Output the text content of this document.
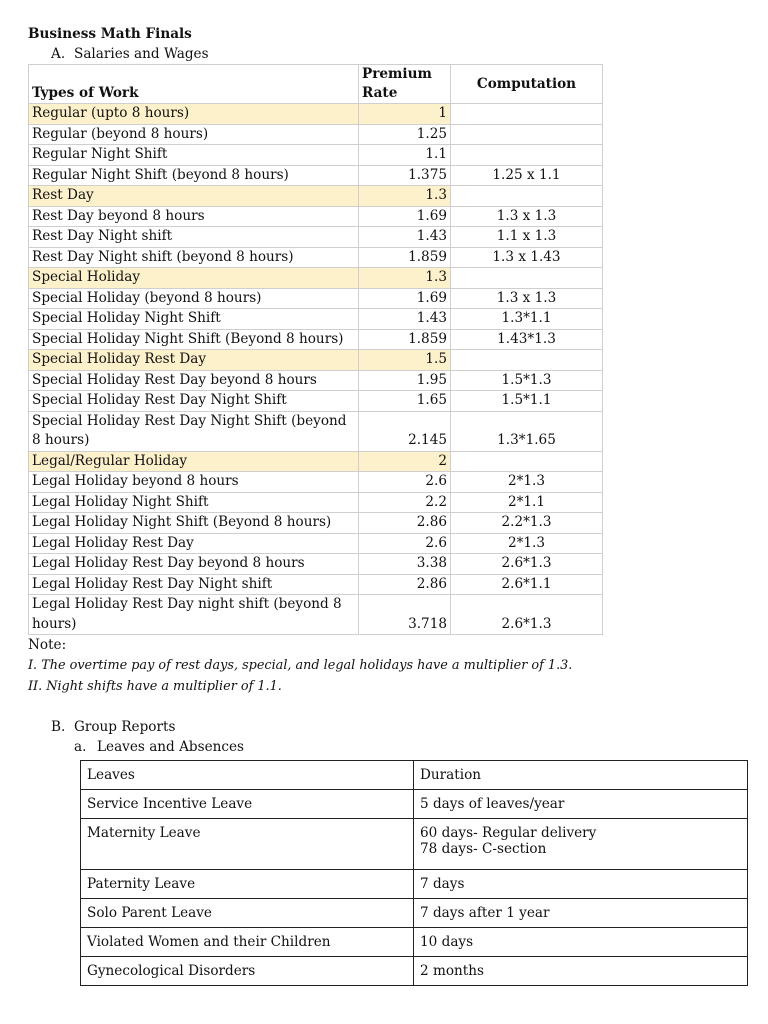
Business Math Finals
A. Salaries and Wages
Types of Work	Premium Rate	Computation
Regular (upto 8 hours)	1	
Regular (beyond 8 hours)	1.25	
Regular Night Shift	1.1	
Regular Night Shift (beyond 8 hours)	1.375	1.25 x 1.1
Rest Day	1.3	
Rest Day beyond 8 hours	1.69	1.3 x 1.3
Rest Day Night shift	1.43	1.1 x 1.3
Rest Day Night shift (beyond 8 hours)	1.859	1.3 x 1.43
Special Holiday	1.3	
Special Holiday (beyond 8 hours)	1.69	1.3 x 1.3
Special Holiday Night Shift	1.43	1.3*1.1
Special Holiday Night Shift (Beyond 8 hours)	1.859	1.43*1.3
Special Holiday Rest Day	1.5	
Special Holiday Rest Day beyond 8 hours	1.95	1.5*1.3
Special Holiday Rest Day Night Shift	1.65	1.5*1.1
Special Holiday Rest Day Night Shift (beyond 8 hours)	2.145	1.3*1.65
Legal/Regular Holiday	2	
Legal Holiday beyond 8 hours	2.6	2*1.3
Legal Holiday Night Shift	2.2	2*1.1
Legal Holiday Night Shift (Beyond 8 hours)	2.86	2.2*1.3
Legal Holiday Rest Day	2.6	2*1.3
Legal Holiday Rest Day beyond 8 hours	3.38	2.6*1.3
Legal Holiday Rest Day Night shift	2.86	2.6*1.1
Legal Holiday Rest Day night shift (beyond 8 hours)	3.718	2.6*1.3
Note:
I. The overtime pay of rest days, special, and legal holidays have a multiplier of 1.3.
II. Night shifts have a multiplier of 1.1.
B. Group Reports
a. Leaves and Absences
Leaves	Duration
Service Incentive Leave	5 days of leaves/year

Maternity Leave	60 days- Regular delivery
78 days- C-section

Paternity Leave	7 days

Solo Parent Leave	7 days after 1 year

Violated Women and their Children	10 days

Gynecological Disorders	2 months
